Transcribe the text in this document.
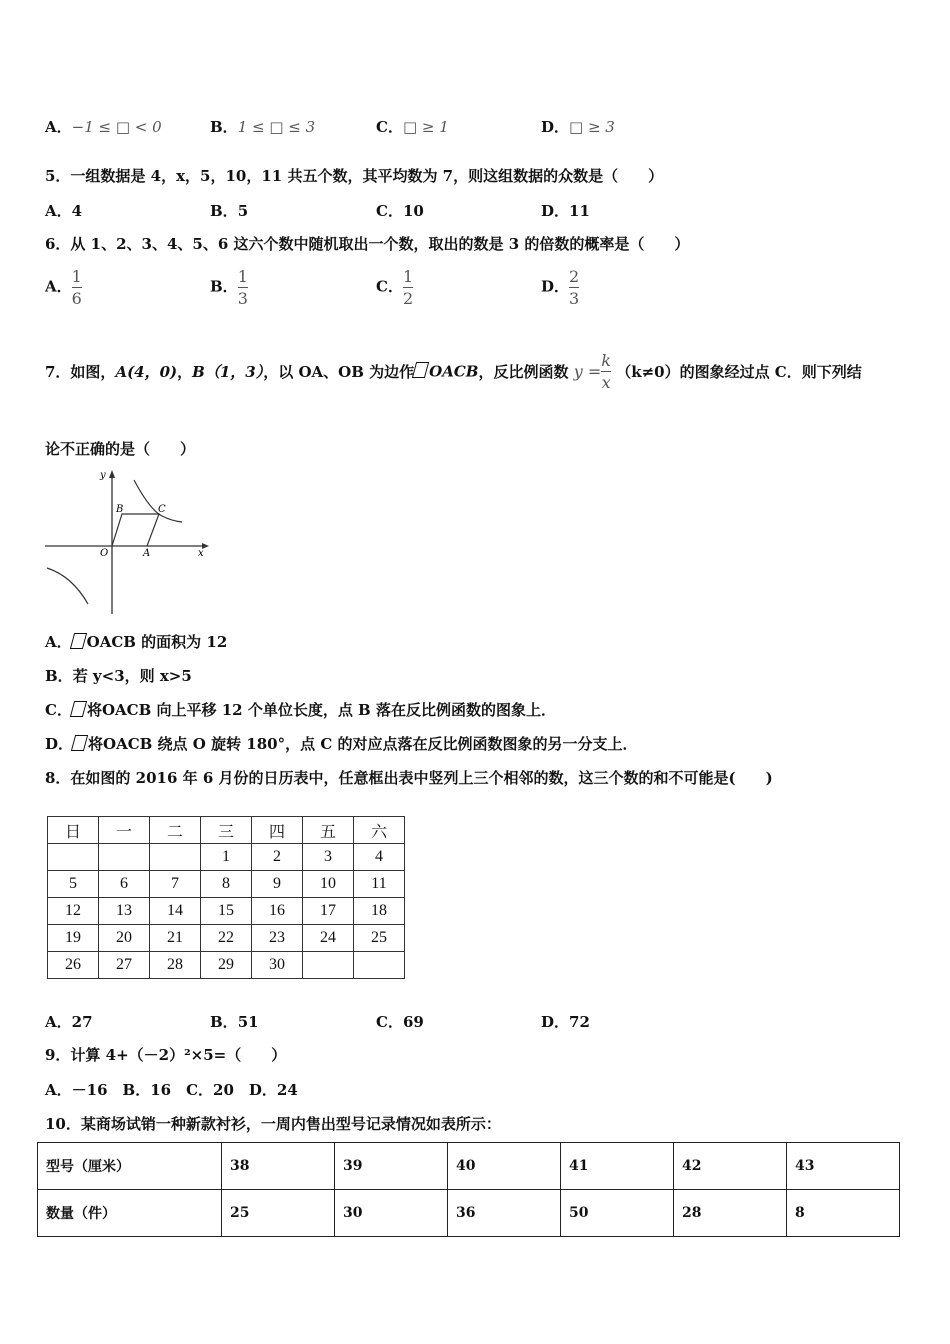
A．−1 ≤ □ < 0	B．1 ≤ □ ≤ 3	C．□ ≥ 1	D．□ ≥ 3
5．一组数据是 4，x，5，10，11 共五个数，其平均数为 7，则这组数据的众数是（　　）
A．4	B．5	C．10	D．11
6．从 1、2、3、4、5、6 这六个数中随机取出一个数，取出的数是 3 的倍数的概率是（　　）
A． $\frac{1}{6}$	B． $\frac{1}{3}$	C． $\frac{1}{2}$	D． $\frac{2}{3}$
7．如图，A(4，0)，B（1，3），以 OA、OB 为边作 OACB，反比例函数 $y = \frac{k}{x} (k\ne 0)$的图象经过点 C．则下列结
论不正确的是（　　）
y
x
O	A
B	C
A． OACB 的面积为 12
B．若 y<3，则 x>5
C． 将OACB 向上平移 12 个单位长度，点 B 落在反比例函数的图象上．
D． 将OACB 绕点 O 旋转 180°，点 C 的对应点落在反比例函数图象的另一分支上．
8．在如图的 2016 年 6 月份的日历表中，任意框出表中竖列上三个相邻的数，这三个数的和不可能是(　　)
日	一	二	三	四	五	六
			1	2	3	4
5	6	7	8	9	10	11
12	13	14	15	16	17	18
19	20	21	22	23	24	25
26	27	28	29	30		
A．27	B．51	C．69	D．72
9．计算 4+（－2）²×5=（　　）
A．－16　B．16　C．20　D．24
10．某商场试销一种新款衬衫，一周内售出型号记录情况如表所示：
型号（厘米）	38	39	40	41	42	43
数量（件）	25	30	36	50	28	8
